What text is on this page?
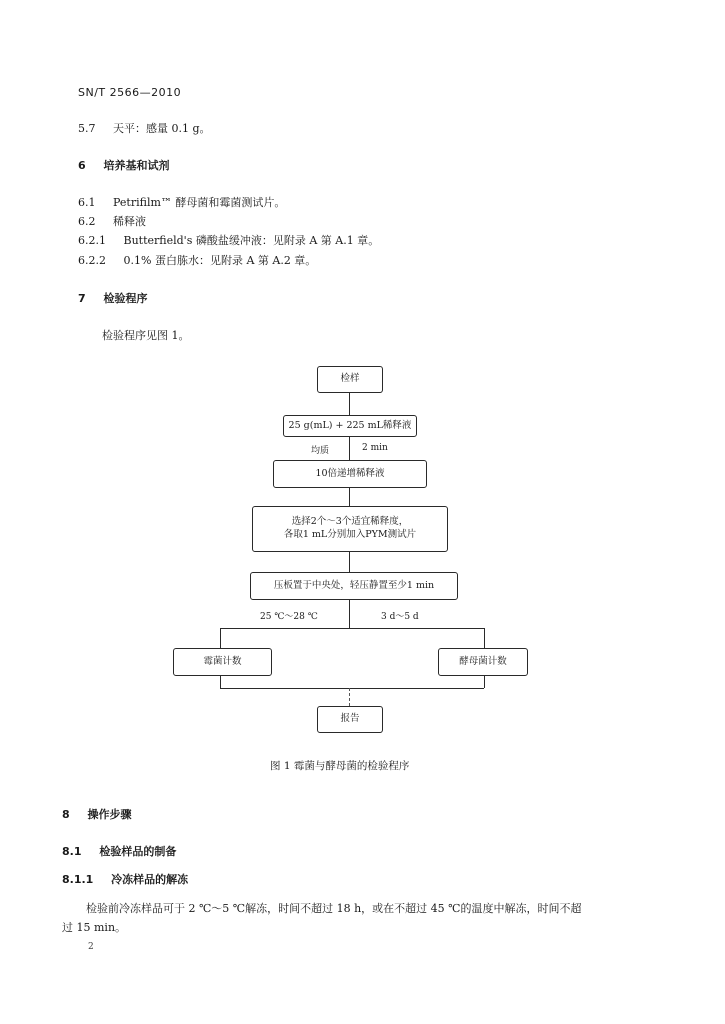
SN/T 2566—2010
5.7 天平：感量 0.1 g。
6 培养基和试剂
6.1 Petrifilm™ 酵母菌和霉菌测试片。
6.2 稀释液
6.2.1 Butterfield's 磷酸盐缓冲液：见附录 A 第 A.1 章。
6.2.2 0.1% 蛋白胨水：见附录 A 第 A.2 章。
7 检验程序
检验程序见图 1。
检样
25 g(mL) + 225 mL稀释液
均质	2 min
10倍递增稀释液
选择2个～3个适宜稀释度，
各取1 mL分别加入PYM测试片
压板置于中央处，轻压静置至少1 min
25 ℃～28 ℃	3 d～5 d
霉菌计数	酵母菌计数
报告
图 1 霉菌与酵母菌的检验程序
8 操作步骤
8.1 检验样品的制备
8.1.1 冷冻样品的解冻
检验前冷冻样品可于 2 ℃～5 ℃解冻，时间不超过 18 h，或在不超过 45 ℃的温度中解冻，时间不超
过 15 min。
2
